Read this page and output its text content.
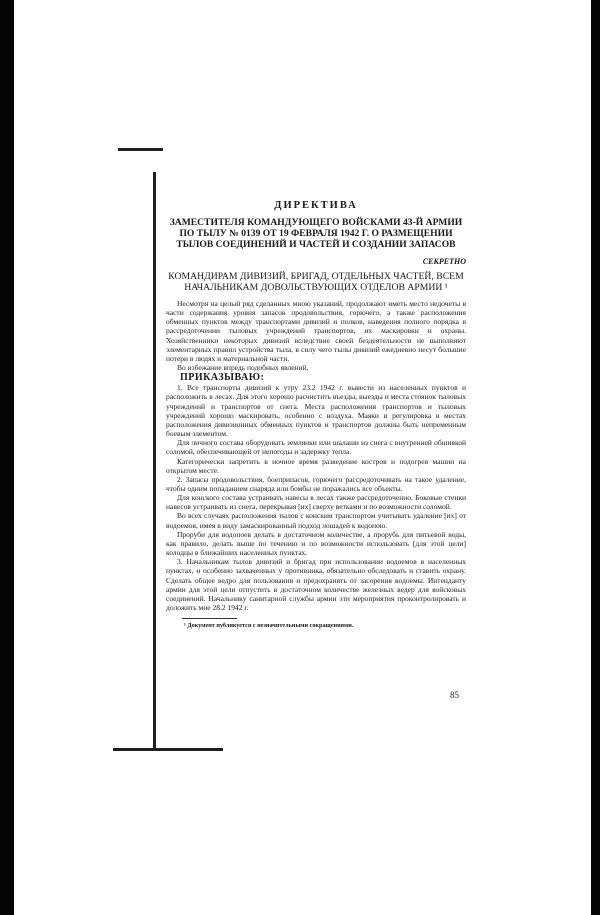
ДИРЕКТИВА
ЗАМЕСТИТЕЛЯ КОМАНДУЮЩЕГО ВОЙСКАМИ 43-Й АРМИИ ПО ТЫЛУ № 0139 ОТ 19 ФЕВРАЛЯ 1942 Г. О РАЗМЕЩЕНИИ ТЫЛОВ СОЕДИНЕНИЙ И ЧАСТЕЙ И СОЗДАНИИ ЗАПАСОВ
СЕКРЕТНО
КОМАНДИРАМ ДИВИЗИЙ, БРИГАД, ОТДЕЛЬНЫХ ЧАСТЕЙ, ВСЕМ НАЧАЛЬНИКАМ ДОВОЛЬСТВУЮЩИХ ОТДЕЛОВ АРМИИ ¹

Несмотря на целый ряд сделанных мною указаний, продолжают иметь место недочеты в части содержания уровня запасов продовольствия, горючего, а также расположения обменных пунктов между транспортами дивизий и полков, наведения полного порядка в рассредоточении тыловых учреждений транспортов, их маскировки и охраны. Хозяйственники некоторых дивизий вследствие своей бездеятельности не выполняют элементарных правил устройства тыла, в силу чего тылы дивизий ежедневно несут большие потери в людях и материальной части.

Во избежание впредь подобных явлений,

ПРИКАЗЫВАЮ:

1. Все транспорты дивизий к утру 23.2 1942 г. вывести из населенных пунктов и расположить в лесах. Для этого хорошо расчистить въезды, выезды и места стоянок тыловых учреждений и транспортов от снега. Места расположения транспортов и тыловых учреждений хорошо маскировать, особенно с воздуха. Маяки и регулировка в местах расположения дивизионных обменных пунктов и транспортов должны быть непременным боевым элементом.

Для личного состава оборудовать землянки или шалаши из снега с внутренней обшивкой соломой, обеспечивающей от непогоды и задержку тепла.

Категорически запретить в ночное время разведение костров и подогрев машин на открытом месте.

2. Запасы продовольствия, боеприпасов, горючего рассредоточивать на такое удаление, чтобы одним попаданием снаряда или бомбы не поражались все объекты.

Для конского состава устраивать навесы в лесах также рассредоточенно. Боковые стенки навесов устраивать из снега, перекрывая [их] сверху ветками и по возможности соломой.

Во всех случаях расположения тылов с конским транспортом учитывать удаление [их] от водоемов, имея в виду замаскированный подход лошадей к водопою.

Проруби для водопоев делать в достаточном количестве, а прорубь для питьевой воды, как правило, делать выше по течению и по возможности использовать [для этой цели] колодцы в ближайших населенных пунктах.

3. Начальникам тылов дивизий и бригад при использовании водоемов в населенных пунктах, и особенно захваченных у противника, обязательно обследовать и ставить охрану. Сделать общее ведро для пользования и предохранять от засорения водоемы. Интенданту армии для этой цели отпустить в достаточном количестве железных ведер для войсковых соединений. Начальнику санитарной службы армии эти мероприятия проконтролировать и доложить мне 28.2 1942 г.

¹ Документ публикуется с незначительными сокращениями.
85
